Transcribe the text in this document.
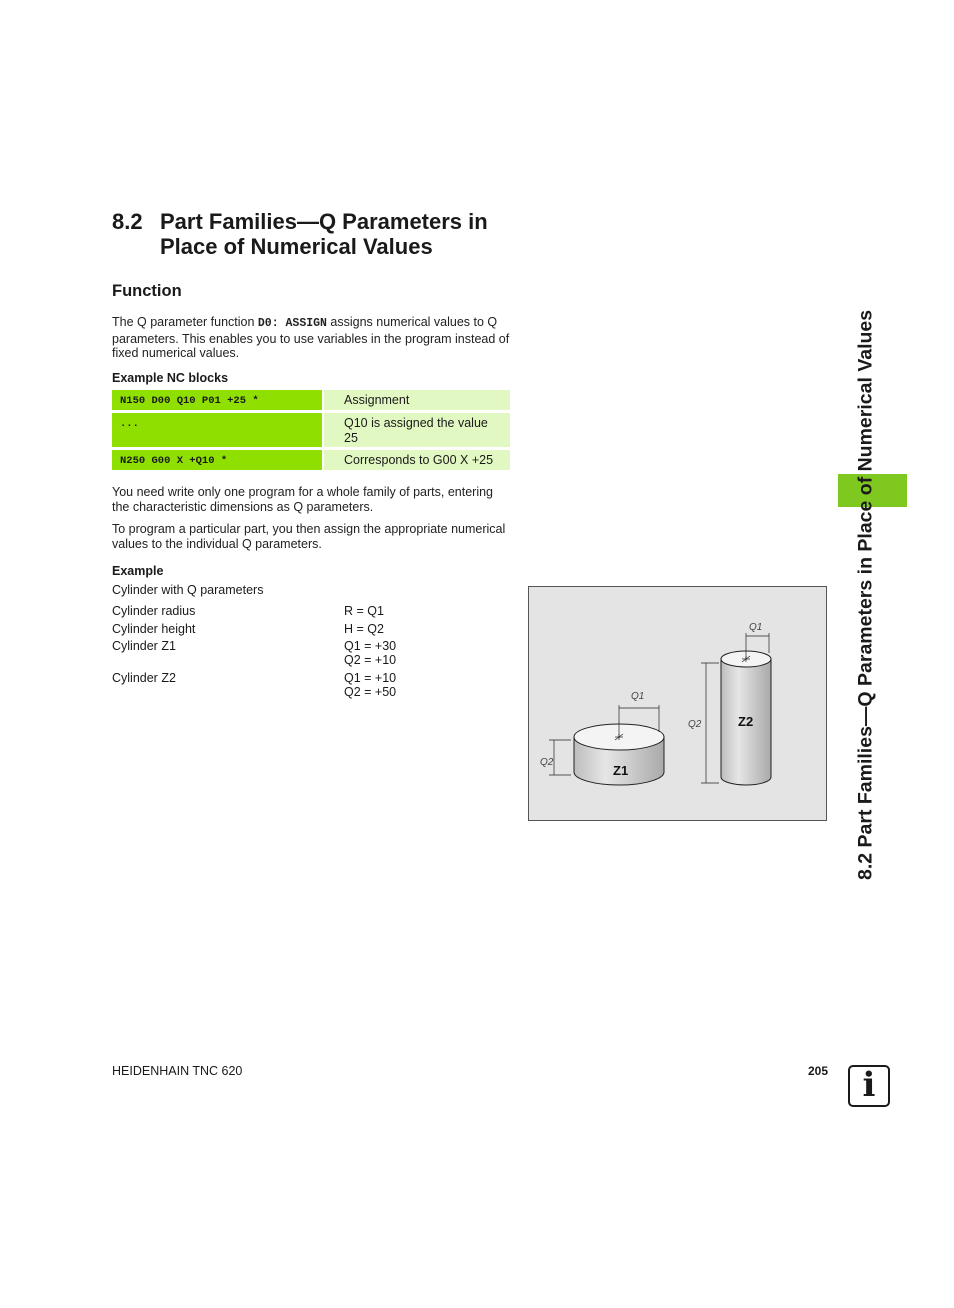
8.2 Part Families—Q Parameters in
Place of Numerical Values
Function
The Q parameter function D0: ASSIGN assigns numerical values to Q parameters. This enables you to use variables in the program instead of fixed numerical values.
Example NC blocks
N150 D00 Q10 P01 +25 *	Assignment
...	Q10 is assigned the value 25
N250 G00 X +Q10 *	Corresponds to G00 X +25
You need write only one program for a whole family of parts, entering the characteristic dimensions as Q parameters.
To program a particular part, you then assign the appropriate numerical values to the individual Q parameters.
Example
Cylinder with Q parameters
Cylinder radius	R = Q1
Cylinder height	H = Q2
Cylinder Z1	Q1 = +30
Q2 = +10
Cylinder Z2	Q1 = +10
Q2 = +50	Q1
Q2
Z1
Q1
Q2	Z2	8.2 Part Families—Q Parameters in Place of Numerical Values
HEIDENHAIN TNC 620	205 i
